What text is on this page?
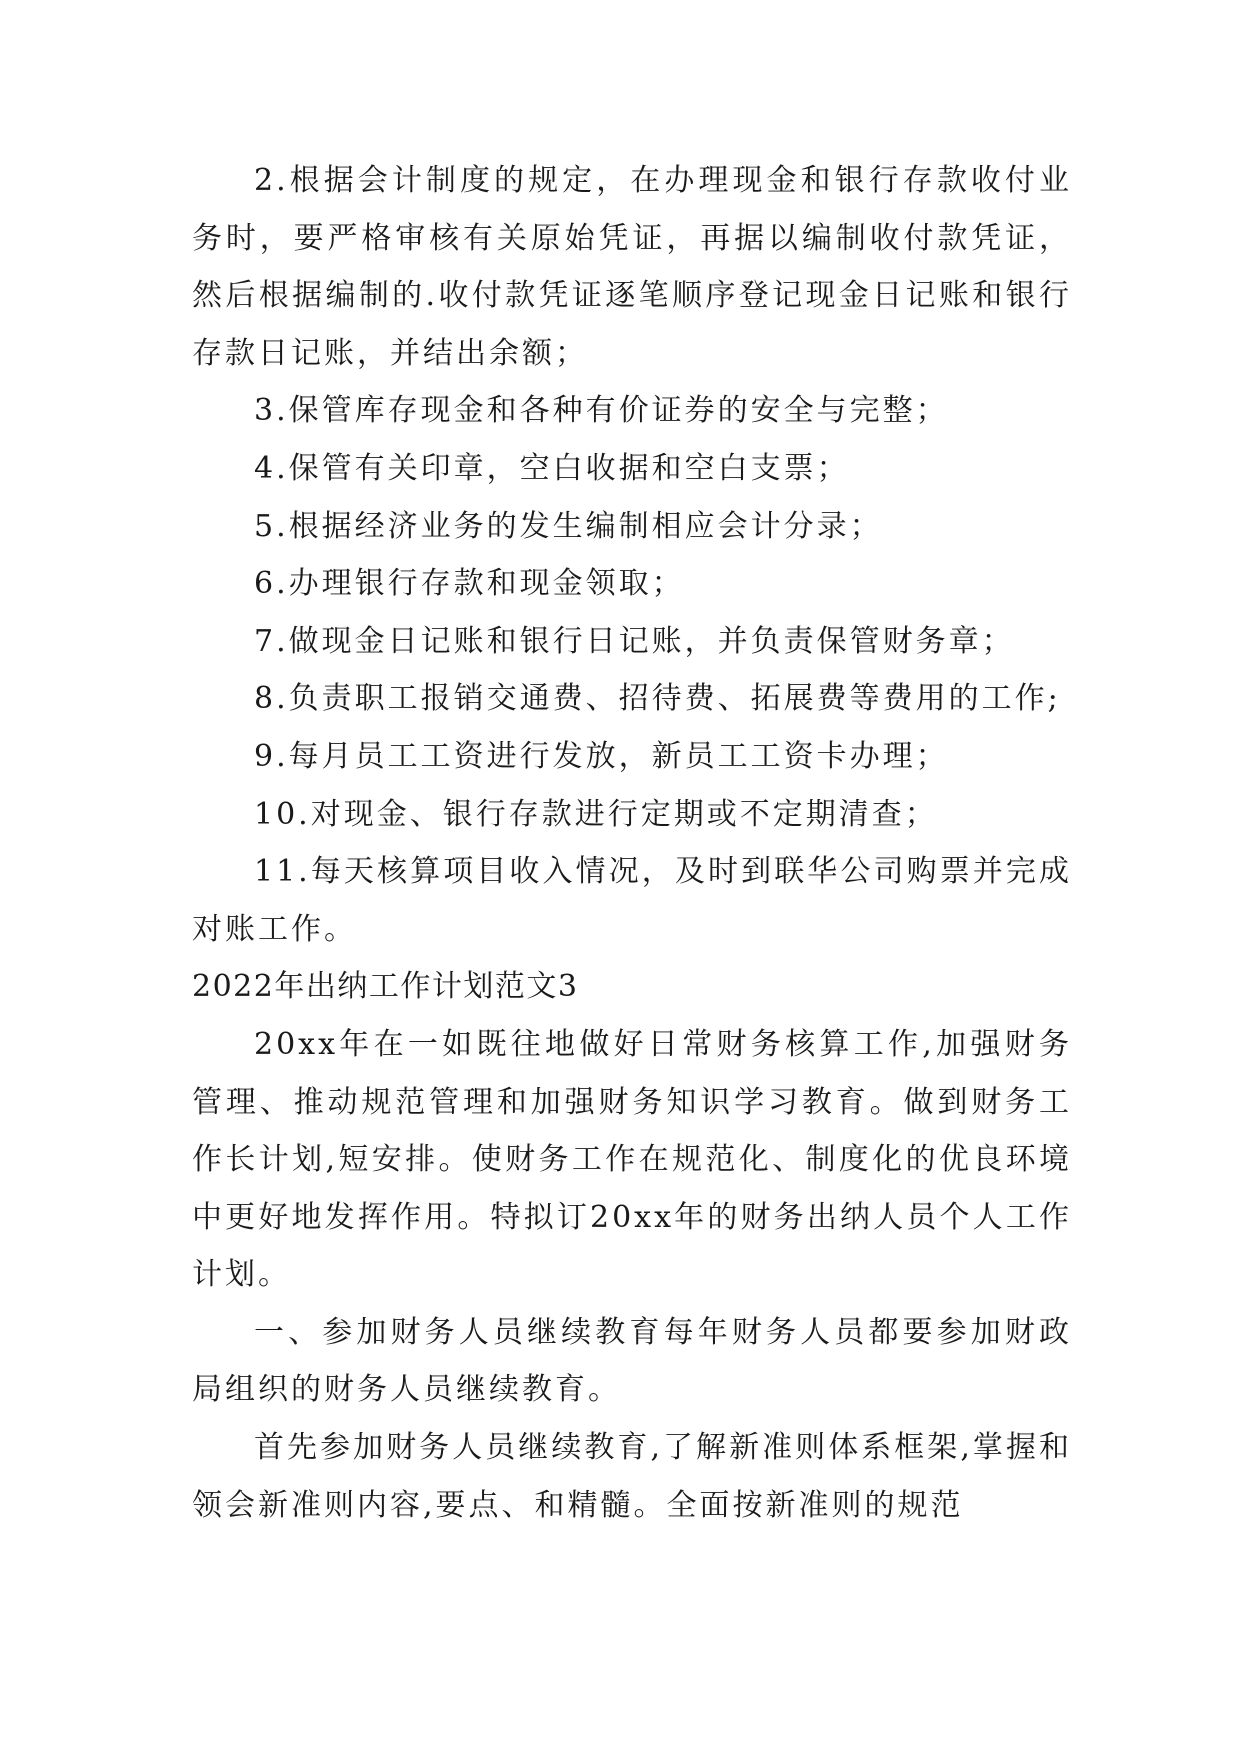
2.根据会计制度的规定，在办理现金和银行存款收付业务时，要严格审核有关原始凭证，再据以编制收付款凭证，然后根据编制的.收付款凭证逐笔顺序登记现金日记账和银行存款日记账，并结出余额；

3.保管库存现金和各种有价证券的安全与完整；

4.保管有关印章，空白收据和空白支票；

5.根据经济业务的发生编制相应会计分录；

6.办理银行存款和现金领取；

7.做现金日记账和银行日记账，并负责保管财务章；

8.负责职工报销交通费、招待费、拓展费等费用的工作;

9.每月员工工资进行发放，新员工工资卡办理；

10.对现金、银行存款进行定期或不定期清查；

11.每天核算项目收入情况，及时到联华公司购票并完成对账工作。

2022年出纳工作计划范文3

20xx年在一如既往地做好日常财务核算工作,加强财务管理、推动规范管理和加强财务知识学习教育。做到财务工作长计划,短安排。使财务工作在规范化、制度化的优良环境中更好地发挥作用。特拟订20xx年的财务出纳人员个人工作计划。

一、参加财务人员继续教育每年财务人员都要参加财政局组织的财务人员继续教育。

首先参加财务人员继续教育,了解新准则体系框架,掌握和领会新准则内容,要点、和精髓。全面按新准则的规范
